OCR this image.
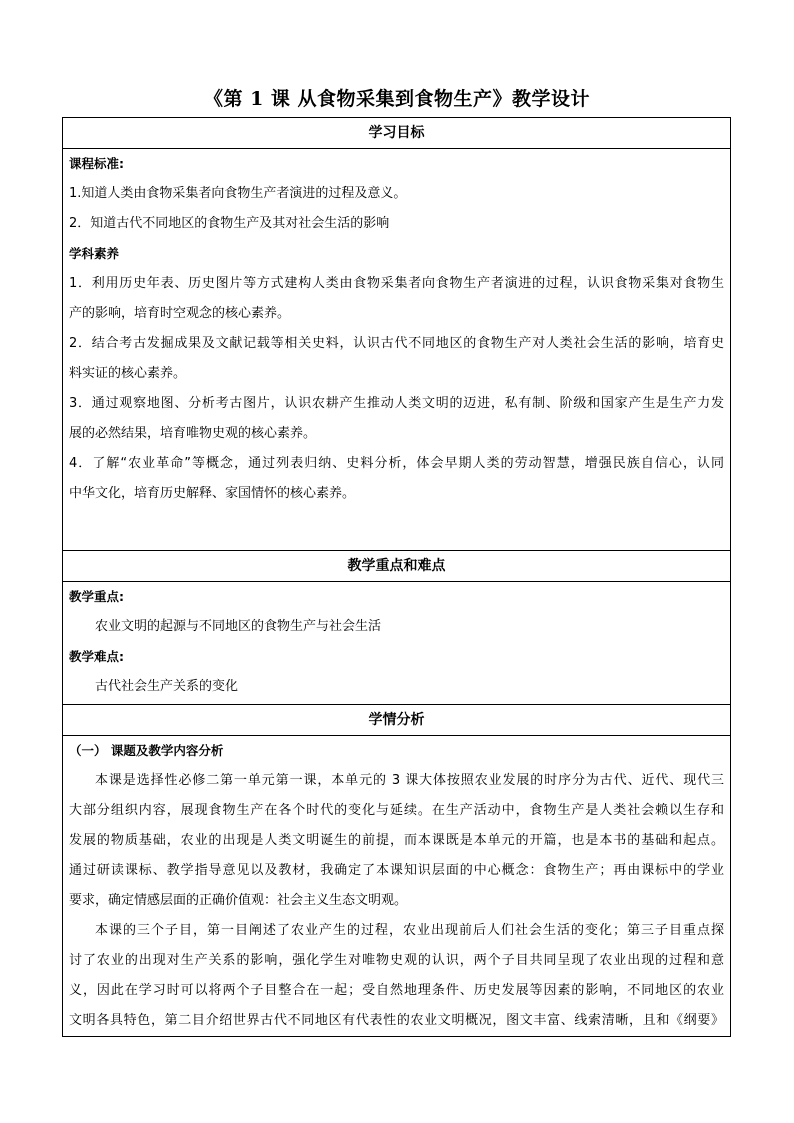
《第 1 课 从食物采集到食物生产》教学设计
学习目标
课程标准:
1.知道人类由食物采集者向食物生产者演进的过程及意义。
2．知道古代不同地区的食物生产及其对社会生活的影响
学科素养
1．利用历史年表、历史图片等方式建构人类由食物采集者向食物生产者演进的过程，认识食物采集对食物生
产的影响，培育时空观念的核心素养。
2．结合考古发掘成果及文献记载等相关史料，认识古代不同地区的食物生产对人类社会生活的影响，培育史
料实证的核心素养。
3．通过观察地图、分析考古图片，认识农耕产生推动人类文明的迈进，私有制、阶级和国家产生是生产力发
展的必然结果，培育唯物史观的核心素养。
4．了解“农业革命”等概念，通过列表归纳、史料分析，体会早期人类的劳动智慧，增强民族自信心，认同
中华文化，培育历史解释、家国情怀的核心素养。
教学重点和难点
教学重点:
农业文明的起源与不同地区的食物生产与社会生活
教学难点:
古代社会生产关系的变化
学情分析
（一） 课题及教学内容分析
本课是选择性必修二第一单元第一课，本单元的 3 课大体按照农业发展的时序分为古代、近代、现代三
大部分组织内容，展现食物生产在各个时代的变化与延续。在生产活动中，食物生产是人类社会赖以生存和
发展的物质基础，农业的出现是人类文明诞生的前提，而本课既是本单元的开篇，也是本书的基础和起点。
通过研读课标、教学指导意见以及教材，我确定了本课知识层面的中心概念：食物生产；再由课标中的学业
要求，确定情感层面的正确价值观：社会主义生态文明观。
本课的三个子目，第一目阐述了农业产生的过程，农业出现前后人们社会生活的变化；第三子目重点探
讨了农业的出现对生产关系的影响，强化学生对唯物史观的认识，两个子目共同呈现了农业出现的过程和意
义，因此在学习时可以将两个子目整合在一起；受自然地理条件、历史发展等因素的影响，不同地区的农业
文明各具特色，第二目介绍世界古代不同地区有代表性的农业文明概况，图文丰富、线索清晰，且和《纲要》
